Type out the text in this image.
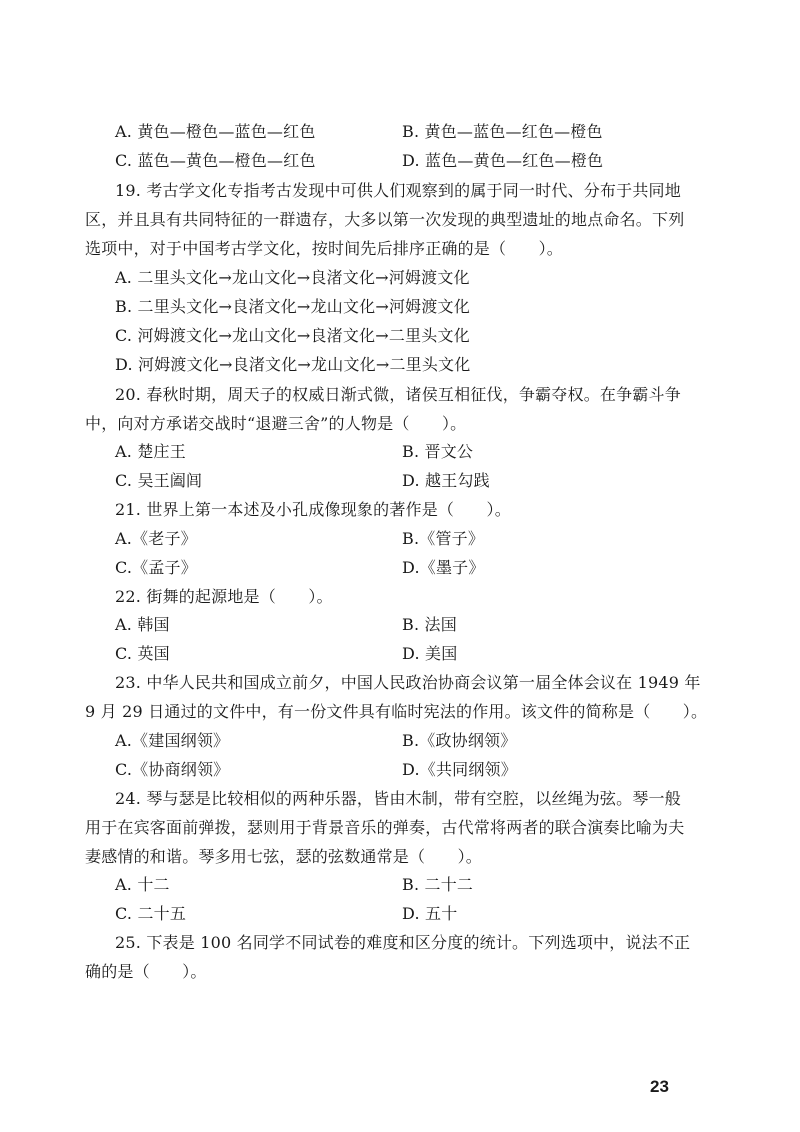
A. 黄色—橙色—蓝色—红色	B. 黄色—蓝色—红色—橙色
C. 蓝色—黄色—橙色—红色	D. 蓝色—黄色—红色—橙色
19. 考古学文化专指考古发现中可供人们观察到的属于同一时代、分布于共同地
区，并且具有共同特征的一群遗存，大多以第一次发现的典型遗址的地点命名。下列
选项中，对于中国考古学文化，按时间先后排序正确的是（　　）。
A. 二里头文化→龙山文化→良渚文化→河姆渡文化
B. 二里头文化→良渚文化→龙山文化→河姆渡文化
C. 河姆渡文化→龙山文化→良渚文化→二里头文化
D. 河姆渡文化→良渚文化→龙山文化→二里头文化
20. 春秋时期，周天子的权威日渐式微，诸侯互相征伐，争霸夺权。在争霸斗争
中，向对方承诺交战时“退避三舍”的人物是（　　）。
A. 楚庄王	B. 晋文公
C. 吴王阖闾	D. 越王勾践
21. 世界上第一本述及小孔成像现象的著作是（　　）。
A.《老子》	B.《管子》
C.《孟子》	D.《墨子》
22. 街舞的起源地是（　　）。
A. 韩国	B. 法国
C. 英国	D. 美国
23. 中华人民共和国成立前夕，中国人民政治协商会议第一届全体会议在 1949 年
9 月 29 日通过的文件中，有一份文件具有临时宪法的作用。该文件的简称是（　　）。
A.《建国纲领》	B.《政协纲领》
C.《协商纲领》	D.《共同纲领》
24. 琴与瑟是比较相似的两种乐器，皆由木制，带有空腔，以丝绳为弦。琴一般
用于在宾客面前弹拨，瑟则用于背景音乐的弹奏，古代常将两者的联合演奏比喻为夫
妻感情的和谐。琴多用七弦，瑟的弦数通常是（　　）。
A. 十二	B. 二十二
C. 二十五	D. 五十
25. 下表是 100 名同学不同试卷的难度和区分度的统计。下列选项中，说法不正
确的是（　　）。
23
